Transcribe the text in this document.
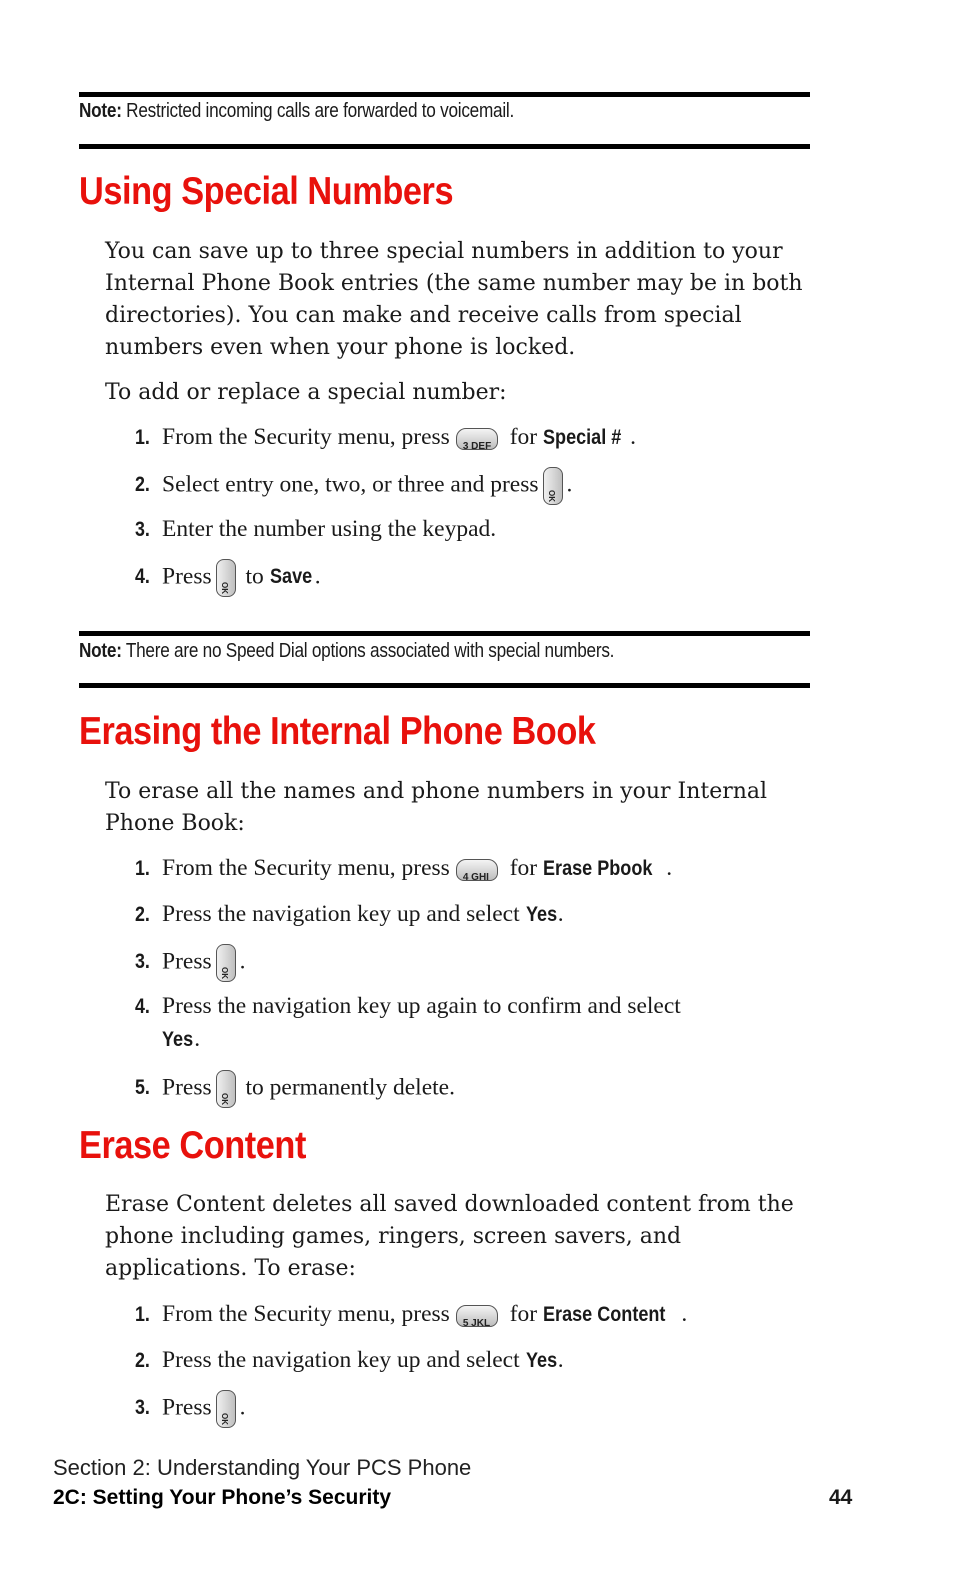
Note: Restricted incoming calls are forwarded to voicemail.
Using Special Numbers

You can save up to three special numbers in addition to your Internal Phone Book entries (the same number may be in both directories). You can make and receive calls from special numbers even when your phone is locked.

To add or replace a special number:

1. From the Security menu, press 3 DEF for Special # .
2. Select entry one, two, or three and press	OK .
3. Enter the number using the keypad.
4. Press	OK to Save .
Note: There are no Speed Dial options associated with special numbers.
Erasing the Internal Phone Book

To erase all the names and phone numbers in your Internal Phone Book:

1. From the Security menu, press 4 GHI for Erase Pbook .
2. Press the navigation key up and select Yes.
3. Press	OK .
4. Press the navigation key up again to confirm and select
Yes.
5. Press	OK to permanently delete.
Erase Content

Erase Content deletes all saved downloaded content from the phone including games, ringers, screen savers, and applications. To erase:

1. From the Security menu, press 5 JKL for Erase Content .
2. Press the navigation key up and select Yes.
3. Press	OK .
Section 2: Understanding Your PCS Phone
2C: Setting Your Phone’s Security	44
